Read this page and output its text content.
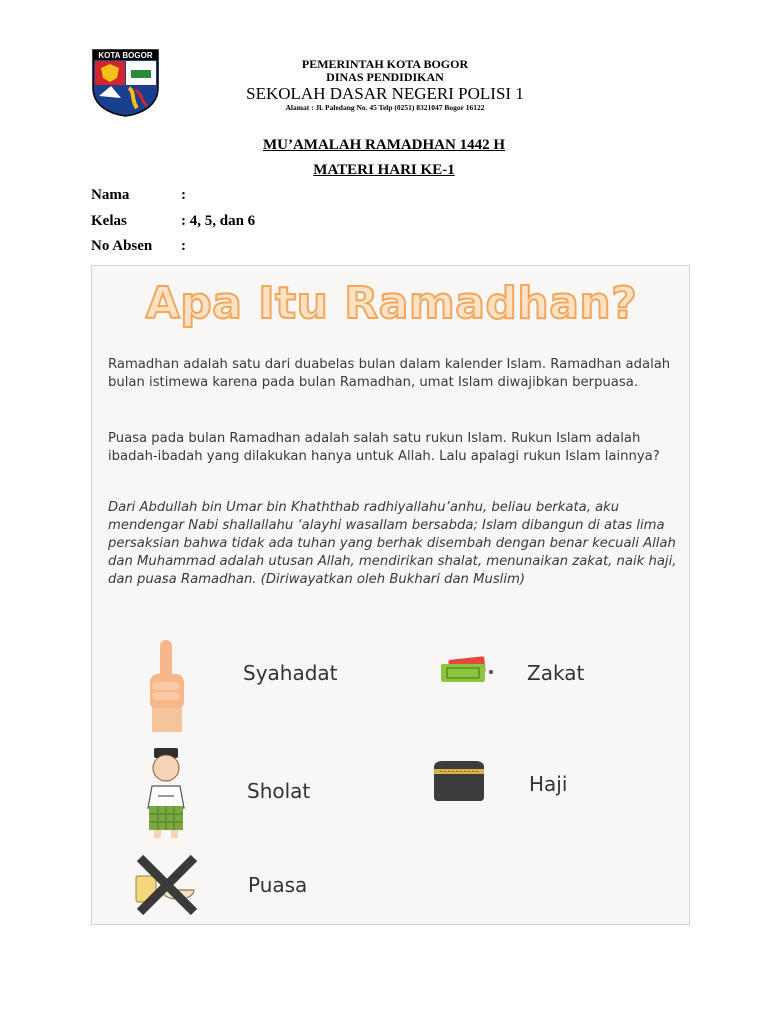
KOTA BOGOR
PEMERINTAH KOTA BOGOR
DINAS PENDIDIKAN
SEKOLAH DASAR NEGERI POLISI 1
Alamat : Jl. Paledang No. 45 Telp (0251) 8321047 Bogor 16122
MU’AMALAH RAMADHAN 1442 H
MATERI HARI KE-1
Nama	:
Kelas	: 4, 5, dan 6
No Absen :
Apa Itu Ramadhan?
Ramadhan adalah satu dari duabelas bulan dalam kalender Islam. Ramadhan adalah bulan istimewa karena pada bulan Ramadhan, umat Islam diwajibkan berpuasa.
Puasa pada bulan Ramadhan adalah salah satu rukun Islam. Rukun Islam adalah ibadah-ibadah yang dilakukan hanya untuk Allah. Lalu apalagi rukun Islam lainnya?
Dari Abdullah bin Umar bin Khaththab radhiyallahu’anhu, beliau berkata, aku mendengar Nabi shallallahu ‘alayhi wasallam bersabda; Islam dibangun di atas lima persaksian bahwa tidak ada tuhan yang berhak disembah dengan benar kecuali Allah dan Muhammad adalah utusan Allah, mendirikan shalat, menunaikan zakat, naik haji, dan puasa Ramadhan. (Diriwayatkan oleh Bukhari dan Muslim)
Syahadat	Zakat
Sholat	Haji
Puasa
